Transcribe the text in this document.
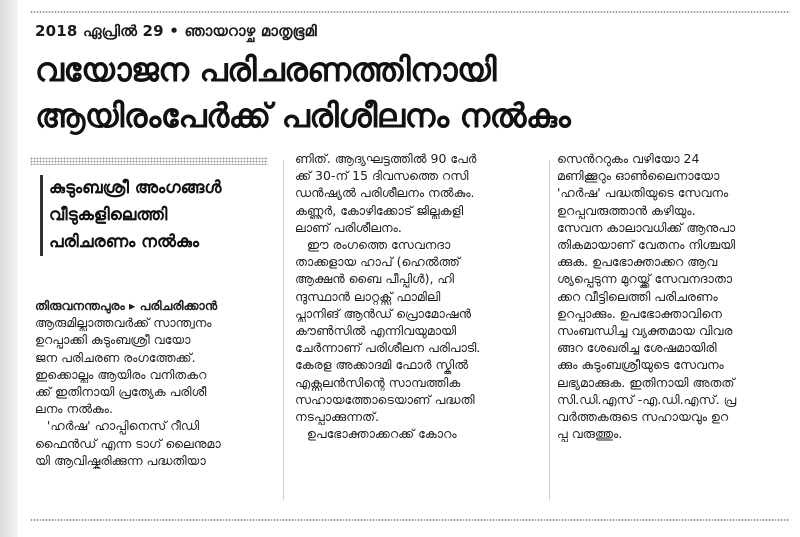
2018 ഏപ്രിൽ 29 • ഞായറാഴ്ച മാതൃഭൂമി
വയോജന പരിചരണത്തിനായി
ആയിരംപേർക്ക് പരിശീലനം നൽകും
കുടുംബശ്രീ അംഗങ്ങൾ
വീടുകളിലെത്തി
പരിചരണം നൽകും
തിരുവനന്തപുരം ▸ പരിചരിക്കാൻ
ആരുമില്ലാത്തവർക്ക് സാന്ത്വനം
ഉറപ്പാക്കി കുടുംബശ്രീ വയോ
ജന പരിചരണ രംഗത്തേക്ക്.
ഇക്കൊല്ലം ആയിരം വനിതകറ
ക്ക് ഇതിനായി പ്രത്യേക പരിശീ
ലനം നൽകും.
'ഹർഷ' ഹാപ്പിനെസ് റീഡി
ഫൈൻഡ് എന്ന ടാഗ് ലൈനുമാ
യി ആവിഷ്കരിക്കുന്ന പദ്ധതിയാ
ണിത്. ആദ്യഘട്ടത്തിൽ 90 പേർ
ക്ക് 30-ന് 15 ദിവസത്തെ റസി
ഡൻഷ്യൽ പരിശീലനം നൽകും.
കണ്ണൂർ, കോഴിക്കോട് ജില്ലകളി
ലാണ് പരിശീലനം.
ഈ രംഗത്തെ സേവനദാ
താക്കളായ ഹാപ് (ഹെൽത്ത്
ആക്ഷൻ ബൈ പീപ്പിൾ), ഹി
ന്ദുസ്ഥാൻ ലാറ്റക്സ് ഫാമിലി
പ്ലാനിങ് ആൻഡ് പ്രൊമോഷൻ
കൗൺസിൽ എന്നിവയുമായി
ചേർന്നാണ് പരിശീലന പരിപാടി.
കേരള അക്കാദമി ഫോർ സ്കിൽ
എക്സലൻസിന്റെ സാമ്പത്തിക
സഹായത്തോടെയാണ് പദ്ധതി
നടപ്പാക്കുന്നത്.
ഉപഭോക്താക്കറക്ക് കോറം
സെൻററുകം വഴിയോ 24
മണിക്കൂറും ഓൺലൈനായോ
'ഹർഷ' പദ്ധതിയുടെ സേവനം
ഉറപ്പുവരുത്താൻ കഴിയും.
സേവന കാലാവധിക്ക് ആനുപാ
തികമായാണ് വേതനം നിശ്ചയി
ക്കുക. ഉപഭോക്താക്കറ ആവ
ശ്യപ്പെടുന്ന മുറയ്ക്ക് സേവനദാതാ
ക്കറ വീട്ടിലെത്തി പരിചരണം
ഉറപ്പാക്കും. ഉപഭോക്താവിനെ
സംബന്ധിച്ച വ്യക്തമായ വിവര
ങ്ങറ ശേഖരിച്ച ശേഷമായിരി
ക്കും കുടുംബശ്രീയുടെ സേവനം
ലഭ്യമാക്കുക. ഇതിനായി അതത്
സി.ഡി.എസ് -എ.ഡി.എസ്. പ്ര
വർത്തകരുടെ സഹായവും ഉറ
പ്പു വരുത്തും.
